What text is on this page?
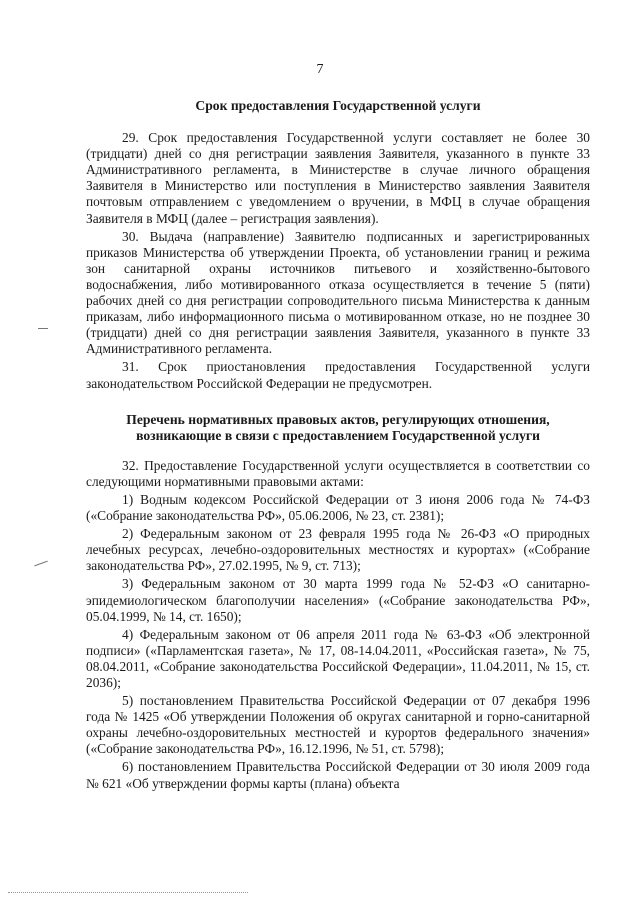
7
Срок предоставления Государственной услуги

29. Срок предоставления Государственной услуги составляет не более 30 (тридцати) дней со дня регистрации заявления Заявителя, указанного в пункте 33 Административного регламента, в Министерстве в случае личного обращения Заявителя в Министерство или поступления в Министерство заявления Заявителя почтовым отправлением с уведомлением о вручении, в МФЦ в случае обращения Заявителя в МФЦ (далее – регистрация заявления).

30. Выдача (направление) Заявителю подписанных и зарегистрированных приказов Министерства об утверждении Проекта, об установлении границ и режима зон санитарной охраны источников питьевого и хозяйственно-бытового водоснабжения, либо мотивированного отказа осуществляется в течение 5 (пяти) рабочих дней со дня регистрации сопроводительного письма Министерства к данным приказам, либо информационного письма о мотивированном отказе, но не позднее 30 (тридцати) дней со дня регистрации заявления Заявителя, указанного в пункте 33 Административного регламента.

31. Срок приостановления предоставления Государственной услуги законодательством Российской Федерации не предусмотрен.

Перечень нормативных правовых актов, регулирующих отношения, возникающие в связи с предоставлением Государственной услуги

32. Предоставление Государственной услуги осуществляется в соответствии со следующими нормативными правовыми актами:

1) Водным кодексом Российской Федерации от 3 июня 2006 года № 74-ФЗ («Собрание законодательства РФ», 05.06.2006, № 23, ст. 2381);

2) Федеральным законом от 23 февраля 1995 года № 26-ФЗ «О природных лечебных ресурсах, лечебно-оздоровительных местностях и курортах» («Собрание законодательства РФ», 27.02.1995, № 9, ст. 713);

3) Федеральным законом от 30 марта 1999 года № 52-ФЗ «О санитарно-эпидемиологическом благополучии населения» («Собрание законодательства РФ», 05.04.1999, № 14, ст. 1650);

4) Федеральным законом от 06 апреля 2011 года № 63-ФЗ «Об электронной подписи» («Парламентская газета», № 17, 08-14.04.2011, «Российская газета», № 75, 08.04.2011, «Собрание законодательства Российской Федерации», 11.04.2011, № 15, ст. 2036);

5) постановлением Правительства Российской Федерации от 07 декабря 1996 года № 1425 «Об утверждении Положения об округах санитарной и горно-санитарной охраны лечебно-оздоровительных местностей и курортов федерального значения» («Собрание законодательства РФ», 16.12.1996, № 51, ст. 5798);

6) постановлением Правительства Российской Федерации от 30 июля 2009 года № 621 «Об утверждении формы карты (плана) объекта
